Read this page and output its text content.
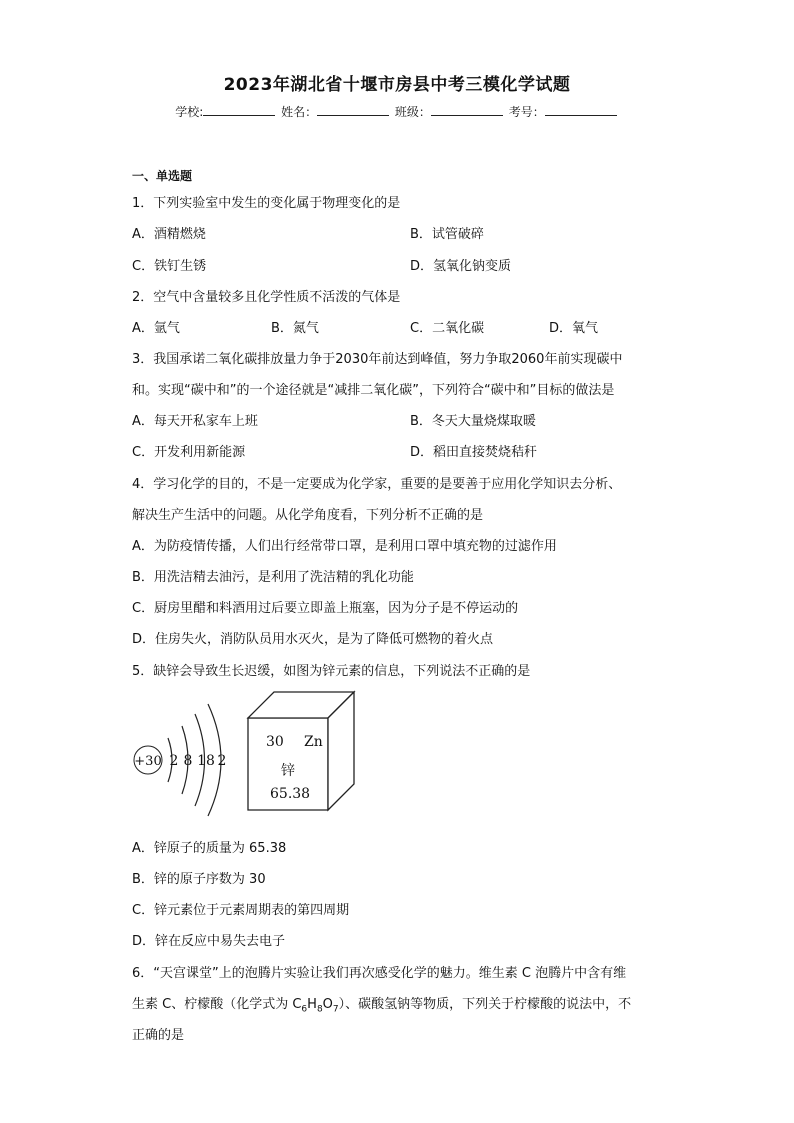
2023年湖北省十堰市房县中考三模化学试题
学校:	姓名：	班级：	考号：
一、单选题
1．下列实验室中发生的变化属于物理变化的是
A．酒精燃烧	B．试管破碎
C．铁钉生锈	D．氢氧化钠变质
2．空气中含量较多且化学性质不活泼的气体是
A．氩气	B．氮气	C．二氧化碳	D．氧气
3．我国承诺二氧化碳排放量力争于2030年前达到峰值，努力争取2060年前实现碳中
和。实现“碳中和”的一个途径就是“减排二氧化碳”，下列符合“碳中和”目标的做法是
A．每天开私家车上班	B．冬天大量烧煤取暖
C．开发利用新能源	D．稻田直接焚烧秸秆
4．学习化学的目的，不是一定要成为化学家，重要的是要善于应用化学知识去分析、
解决生产生活中的问题。从化学角度看，下列分析不正确的是
A．为防疫情传播，人们出行经常带口罩，是利用口罩中填充物的过滤作用
B．用洗洁精去油污，是利用了洗洁精的乳化功能
C．厨房里醋和料酒用过后要立即盖上瓶塞，因为分子是不停运动的
D．住房失火，消防队员用水灭火，是为了降低可燃物的着火点
5．缺锌会导致生长迟缓，如图为锌元素的信息，下列说法不正确的是
+30 2 8 18 2
30 Zn
锌
65.38
A．锌原子的质量为 65.38
B．锌的原子序数为 30
C．锌元素位于元素周期表的第四周期
D．锌在反应中易失去电子
6．“天宫课堂”上的泡腾片实验让我们再次感受化学的魅力。维生素 C 泡腾片中含有维
生素 C、柠檬酸（化学式为 $C_6H_8O_7$）、碳酸氢钠等物质，下列关于柠檬酸的说法中，不
正确的是
